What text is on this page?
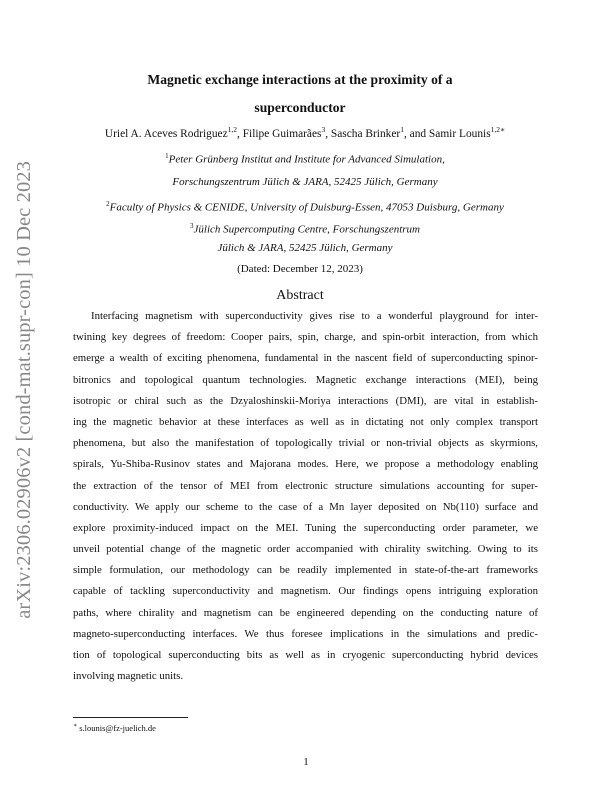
arXiv:2306.02906v2 [cond-mat.supr-con] 10 Dec 2023
Magnetic exchange interactions at the proximity of a
superconductor
Uriel A. Aceves Rodriguez$^{1,2}$, Filipe Guimarães$^3$, Sascha Brinker$^1$, and Samir Lounis$^{1,2∗}$
$^1$Peter Grünberg Institut and Institute for Advanced Simulation,
Forschungszentrum Jülich & JARA, 52425 Jülich, Germany
$^2$Faculty of Physics & CENIDE, University of Duisburg-Essen, 47053 Duisburg, Germany
$^3$Jülich Supercomputing Centre, Forschungszentrum
Jülich & JARA, 52425 Jülich, Germany
(Dated: December 12, 2023)
Abstract
Interfacing magnetism with superconductivity gives rise to a wonderful playground for inter-
twining key degrees of freedom: Cooper pairs, spin, charge, and spin-orbit interaction, from which
emerge a wealth of exciting phenomena, fundamental in the nascent field of superconducting spinor-
bitronics and topological quantum technologies. Magnetic exchange interactions (MEI), being
isotropic or chiral such as the Dzyaloshinskii-Moriya interactions (DMI), are vital in establish-
ing the magnetic behavior at these interfaces as well as in dictating not only complex transport
phenomena, but also the manifestation of topologically trivial or non-trivial objects as skyrmions,
spirals, Yu-Shiba-Rusinov states and Majorana modes. Here, we propose a methodology enabling
the extraction of the tensor of MEI from electronic structure simulations accounting for super-
conductivity. We apply our scheme to the case of a Mn layer deposited on Nb(110) surface and
explore proximity-induced impact on the MEI. Tuning the superconducting order parameter, we
unveil potential change of the magnetic order accompanied with chirality switching. Owing to its
simple formulation, our methodology can be readily implemented in state-of-the-art frameworks
capable of tackling superconductivity and magnetism. Our findings opens intriguing exploration
paths, where chirality and magnetism can be engineered depending on the conducting nature of
magneto-superconducting interfaces. We thus foresee implications in the simulations and predic-
tion of topological superconducting bits as well as in cryogenic superconducting hybrid devices
involving magnetic units.
∗ s.lounis@fz-juelich.de
1
